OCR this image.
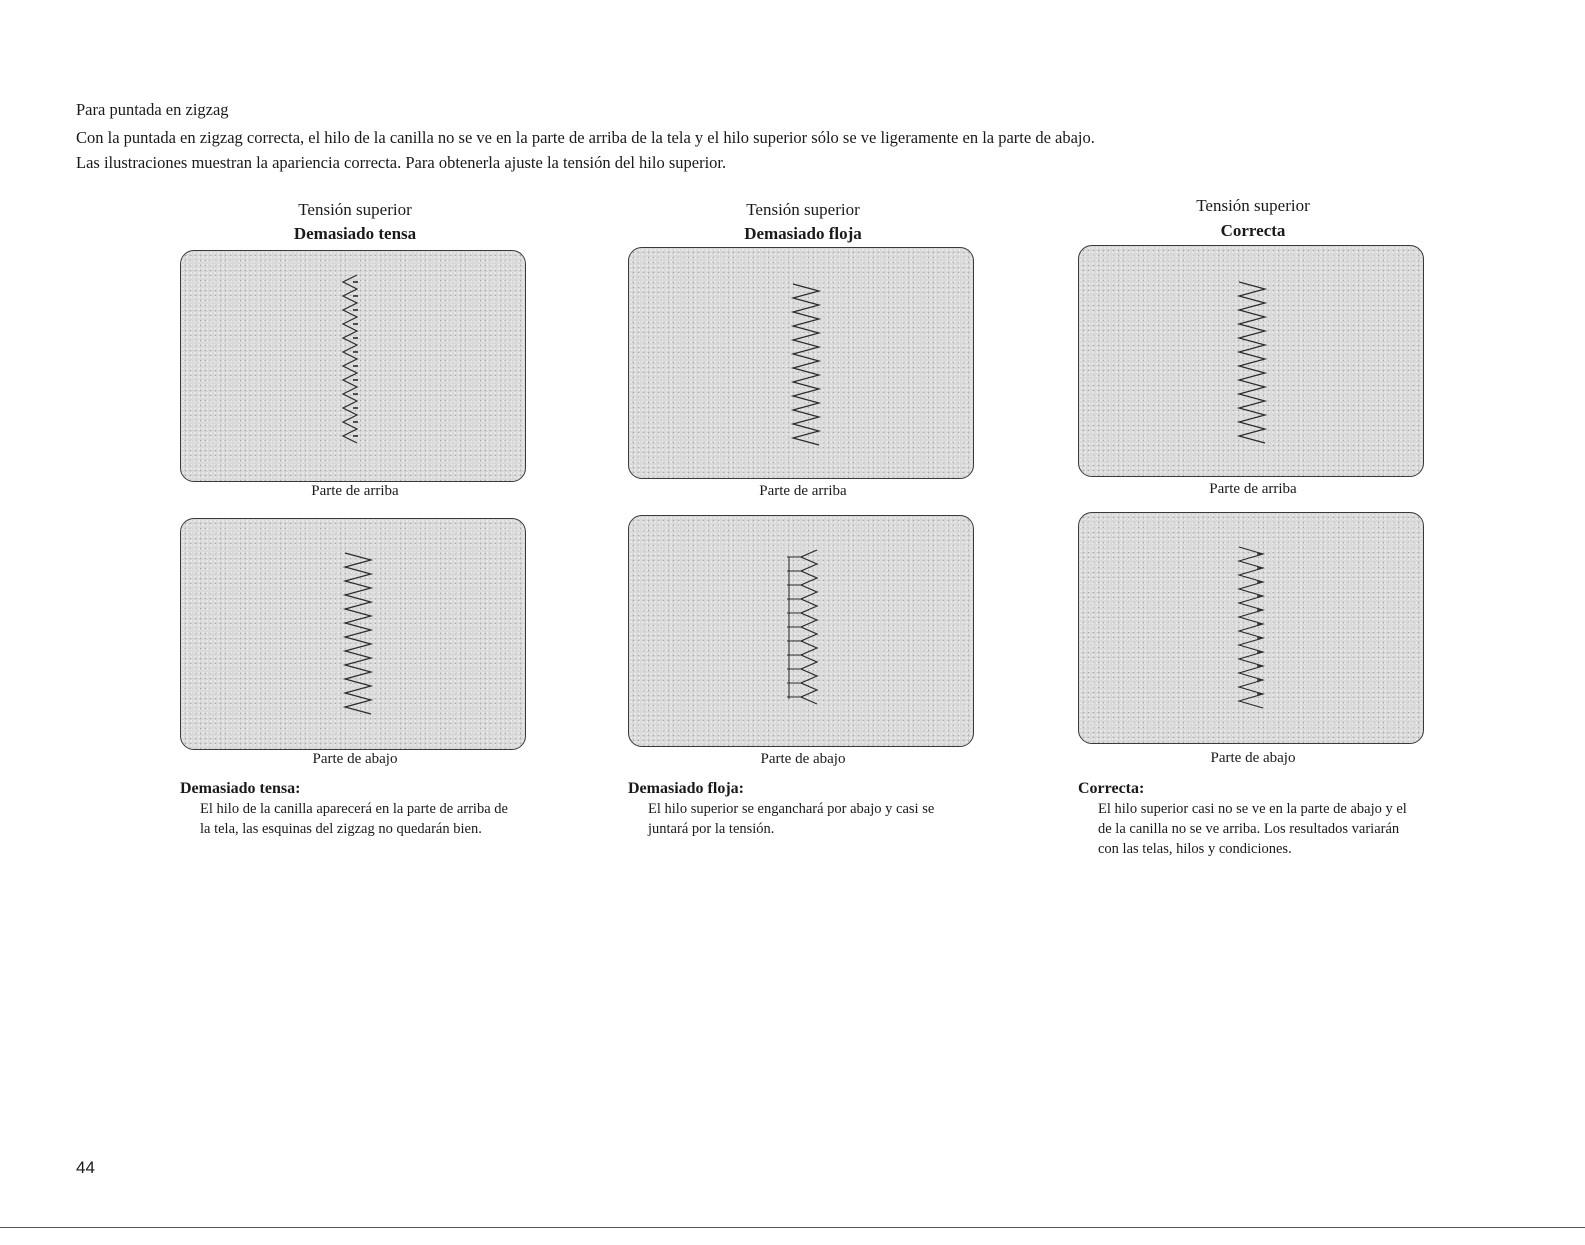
Para puntada en zigzag
Con la puntada en zigzag correcta, el hilo de la canilla no se ve en la parte de arriba de la tela y el hilo superior sólo se ve ligeramente en la parte de abajo.
Las ilustraciones muestran la apariencia correcta. Para obtenerla ajuste la tensión del hilo superior.
Tensión superior
Demasiado tensa
Parte de arriba
Parte de abajo
Demasiado tensa:
El hilo de la canilla aparecerá en la parte de arriba de la tela, las esquinas del zigzag no quedarán bien.
Tensión superior
Demasiado floja
Parte de arriba
Parte de abajo
Demasiado floja:
El hilo superior se enganchará por abajo y casi se juntará por la tensión.
Tensión superior
Correcta
Parte de arriba
Parte de abajo
Correcta:
El hilo superior casi no se ve en la parte de abajo y el de la canilla no se ve arriba. Los resultados variarán con las telas, hilos y condiciones.
44
